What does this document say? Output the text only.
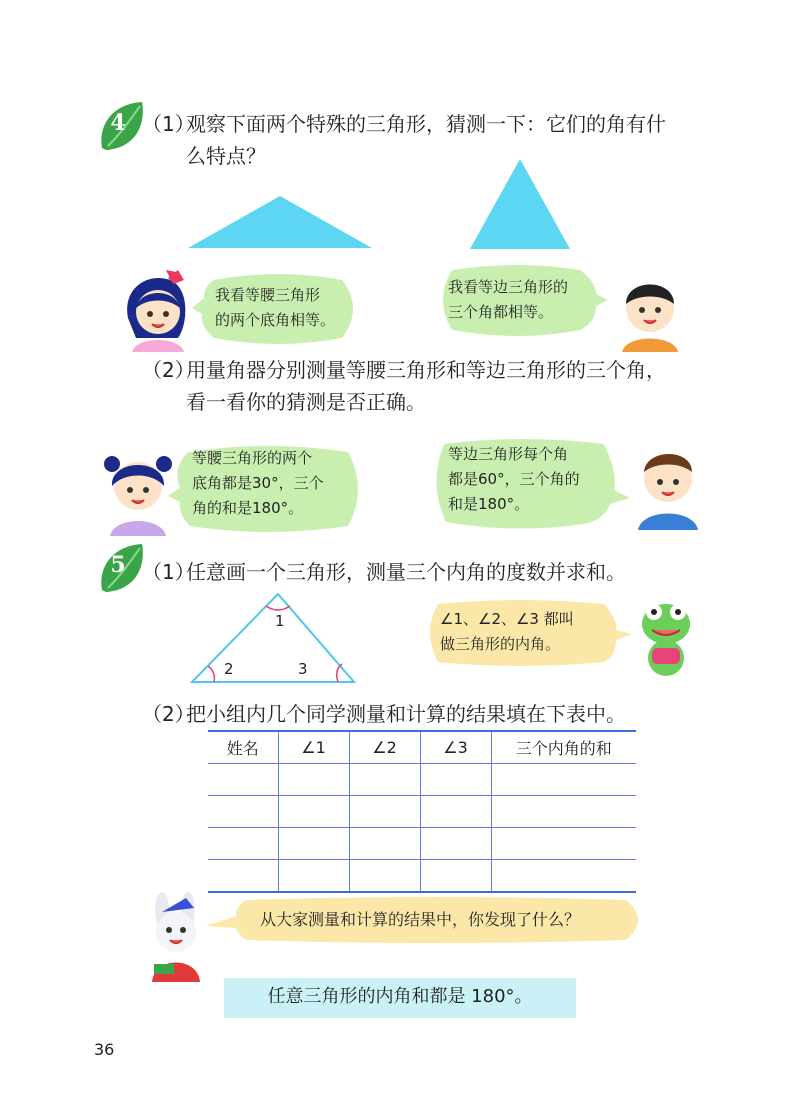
4 （1）
观察下面两个特殊的三角形，猜测一下：它们的角有什
么特点？
我看等腰三角形
的两个底角相等。
我看等边三角形的
三个角都相等。
（2）
用量角器分别测量等腰三角形和等边三角形的三个角，
看一看你的猜测是否正确。
等腰三角形的两个
底角都是30°，三个
角的和是180°。
等边三角形每个角
都是60°，三个角的
和是180°。
5 （1）
任意画一个三角形，测量三个内角的度数并求和。
1
2	3
∠1、∠2、∠3 都叫
做三角形的内角。
（2）
把小组内几个同学测量和计算的结果填在下表中。
姓名	∠1	∠2	∠3	三个内角的和

从大家测量和计算的结果中，你发现了什么？
任意三角形的内角和都是 180°。
36
